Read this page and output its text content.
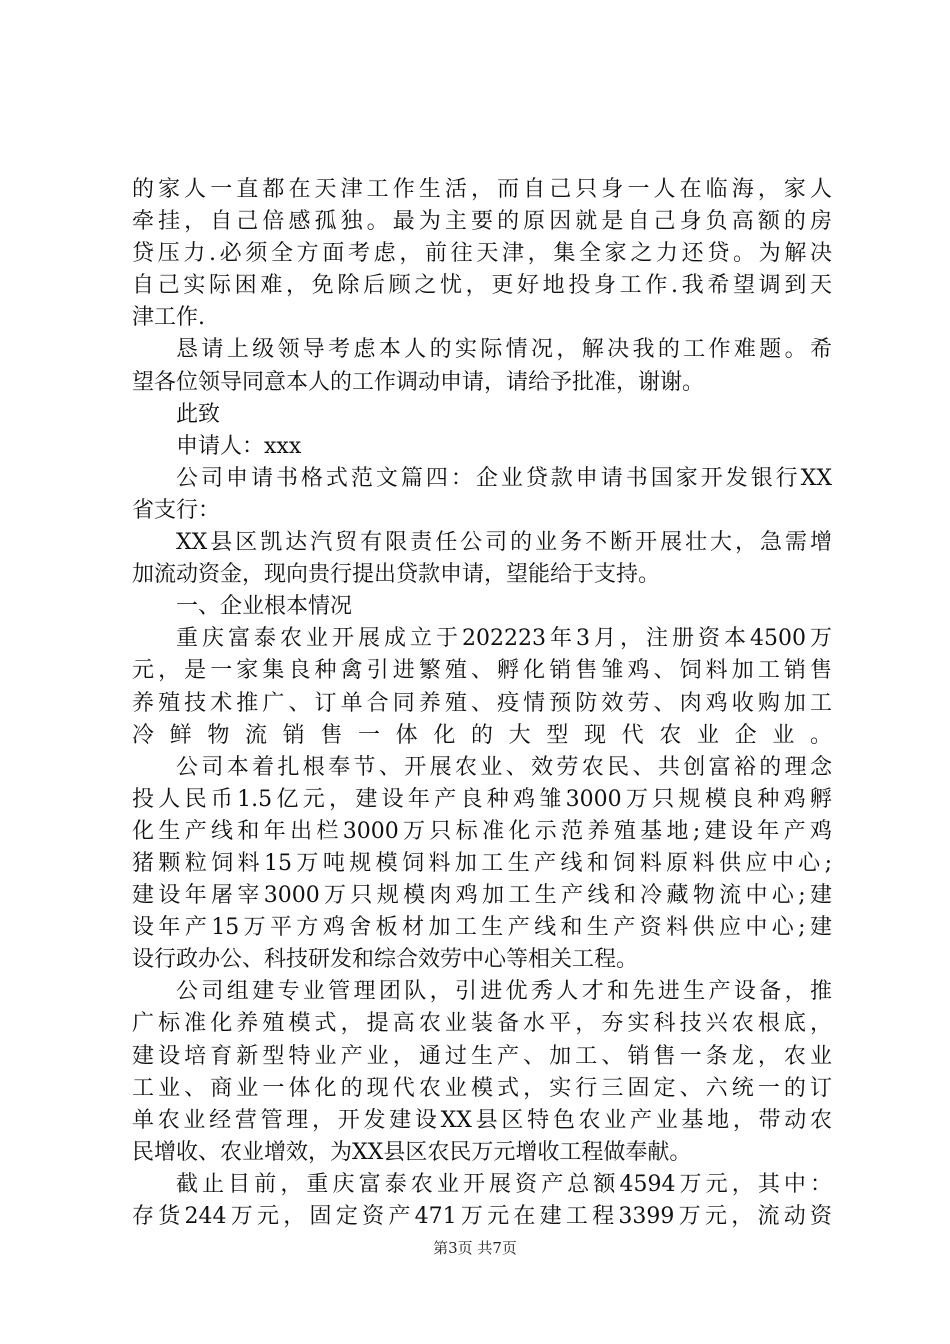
的家人一直都在天津工作生活，而自己只身一人在临海，家人
牵挂，自己倍感孤独。最为主要的原因就是自己身负高额的房
贷压力.必须全方面考虑，前往天津，集全家之力还贷。为解决
自己实际困难，免除后顾之忧，更好地投身工作.我希望调到天
津工作.
恳请上级领导考虑本人的实际情况，解决我的工作难题。希
望各位领导同意本人的工作调动申请，请给予批准，谢谢。
此致
申请人：xxx
公司申请书格式范文篇四：企业贷款申请书国家开发银行XX
省支行：
XX县区凯达汽贸有限责任公司的业务不断开展壮大，急需增
加流动资金，现向贵行提出贷款申请，望能给于支持。
一、企业根本情况
重庆富泰农业开展成立于202223年3月，注册资本4500万
元，是一家集良种禽引进繁殖、孵化销售雏鸡、饲料加工销售
养殖技术推广、订单合同养殖、疫情预防效劳、肉鸡收购加工
冷鲜物流销售一体化的大型现代农业企业。
公司本着扎根奉节、开展农业、效劳农民、共创富裕的理念
投人民币1.5亿元，建设年产良种鸡雏3000万只规模良种鸡孵
化生产线和年出栏3000万只标准化示范养殖基地;建设年产鸡
猪颗粒饲料15万吨规模饲料加工生产线和饲料原料供应中心;
建设年屠宰3000万只规模肉鸡加工生产线和冷藏物流中心;建
设年产15万平方鸡舍板材加工生产线和生产资料供应中心;建
设行政办公、科技研发和综合效劳中心等相关工程。
公司组建专业管理团队，引进优秀人才和先进生产设备，推
广标准化养殖模式，提高农业装备水平，夯实科技兴农根底，
建设培育新型特业产业，通过生产、加工、销售一条龙，农业
工业、商业一体化的现代农业模式，实行三固定、六统一的订
单农业经营管理，开发建设XX县区特色农业产业基地，带动农
民增收、农业增效，为XX县区农民万元增收工程做奉献。
截止目前，重庆富泰农业开展资产总额4594万元，其中：
存货244万元，固定资产471万元在建工程3399万元，流动资
第3页 共7页
